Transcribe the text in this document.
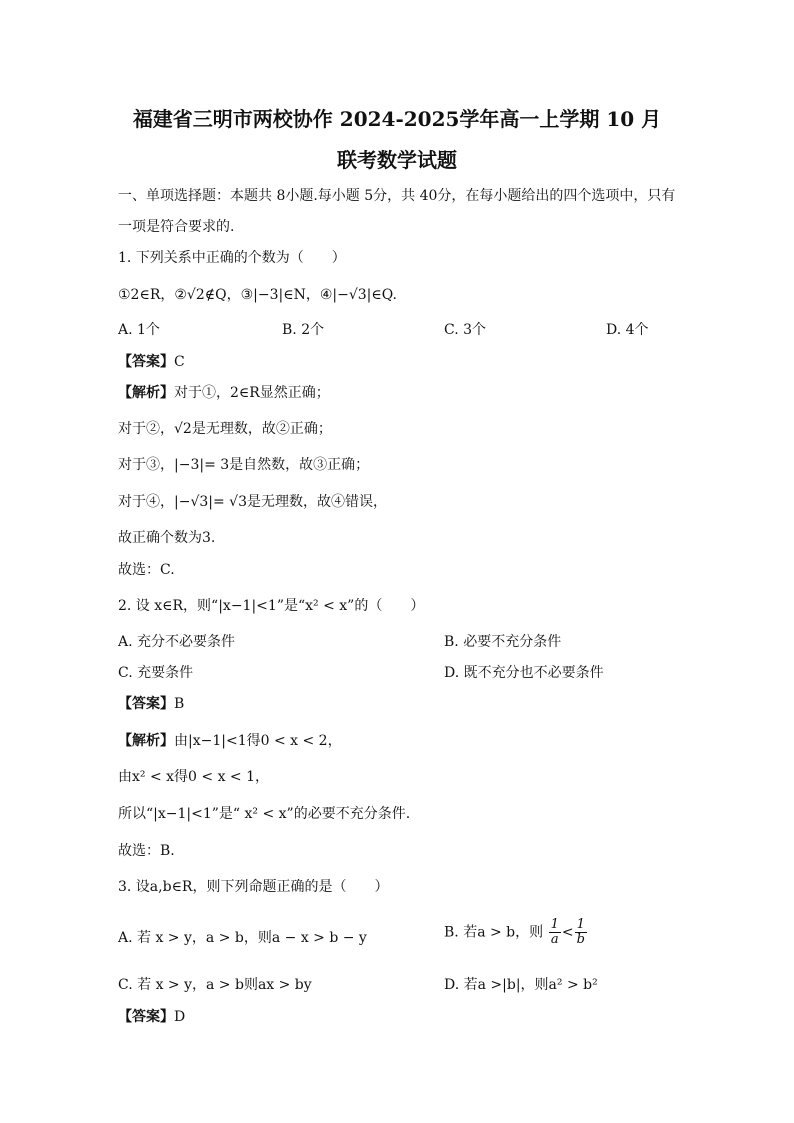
福建省三明市两校协作 2024-2025学年高一上学期 10 月
联考数学试题
一、单项选择题：本题共 8小题.每小题 5分，共 40分，在每小题给出的四个选项中，只有
一项是符合要求的.
1. 下列关系中正确的个数为（　　）
①2∈R，②√2∉Q，③|−3|∈N，④|−√3|∈Q.
A. 1个	B. 2个	C. 3个	D. 4个
【答案】C
【解析】对于①，2∈R显然正确；
对于②，√2是无理数，故②正确；
对于③，|−3|= 3是自然数，故③正确；
对于④，|−√3|= √3是无理数，故④错误，
故正确个数为3.
故选：C.
2. 设 x∈R，则“|x−1|<1”是“x² < x”的（　　）
A. 充分不必要条件	B. 必要不充分条件
C. 充要条件	D. 既不充分也不必要条件
【答案】B
【解析】由|x−1|<1得0 < x < 2，
由x² < x得0 < x < 1，
所以“|x−1|<1”是“ x² < x”的必要不充分条件.
故选：B.
3. 设a,b∈R，则下列命题正确的是（　　）
A. 若 x > y，a > b，则a − x > b − y	B. 若a > b，则 $\frac{1}{a} < \frac{1}{b}$
C. 若 x > y，a > b则ax > by	D. 若a >|b|，则a² > b²
【答案】D
